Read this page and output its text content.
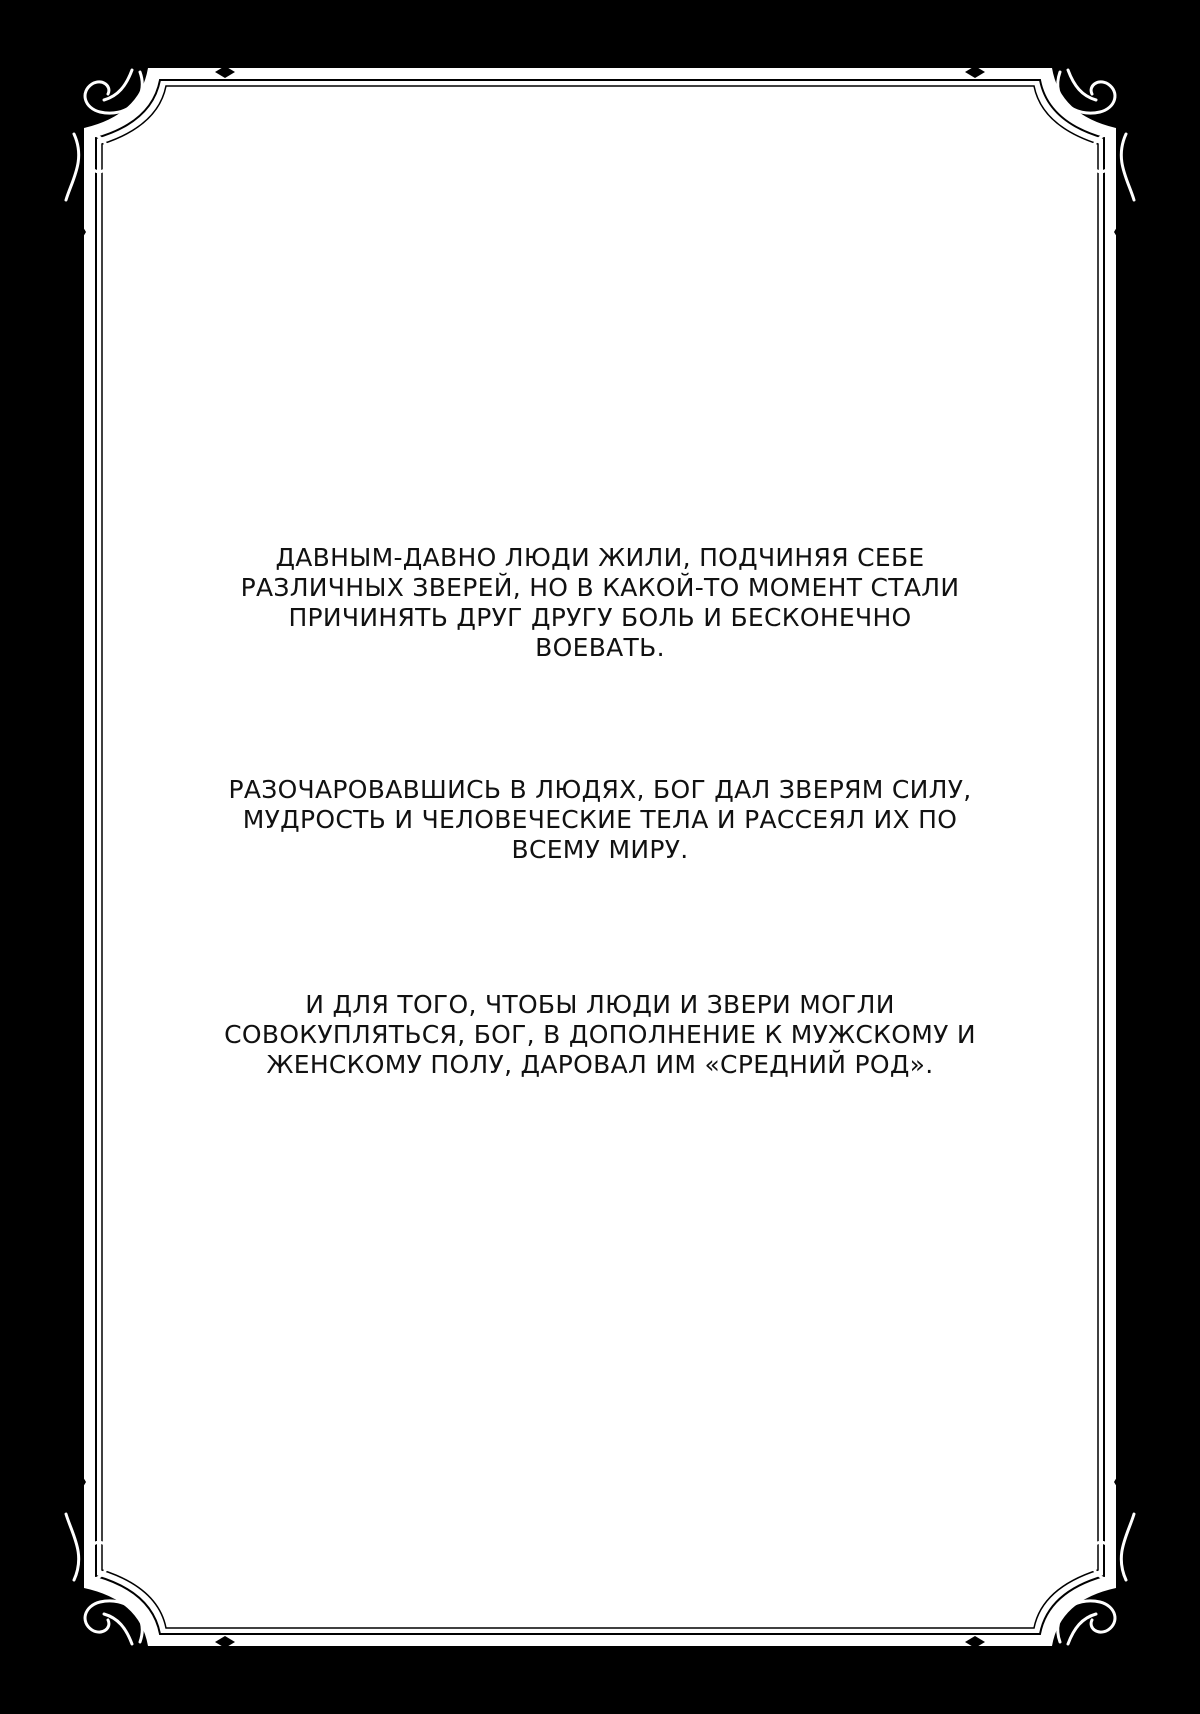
ДАВНЫМ-ДАВНО ЛЮДИ ЖИЛИ, ПОДЧИНЯЯ СЕБЕ
РАЗЛИЧНЫХ ЗВЕРЕЙ, НО В КАКОЙ-ТО МОМЕНТ СТАЛИ
ПРИЧИНЯТЬ ДРУГ ДРУГУ БОЛЬ И БЕСКОНЕЧНО
ВОЕВАТЬ.
РАЗОЧАРОВАВШИСЬ В ЛЮДЯХ, БОГ ДАЛ ЗВЕРЯМ СИЛУ,
МУДРОСТЬ И ЧЕЛОВЕЧЕСКИЕ ТЕЛА И РАССЕЯЛ ИХ ПО
ВСЕМУ МИРУ.
И ДЛЯ ТОГО, ЧТОБЫ ЛЮДИ И ЗВЕРИ МОГЛИ
СОВОКУПЛЯТЬСЯ, БОГ, В ДОПОЛНЕНИЕ К МУЖСКОМУ И
ЖЕНСКОМУ ПОЛУ, ДАРОВАЛ ИМ «СРЕДНИЙ РОД».
